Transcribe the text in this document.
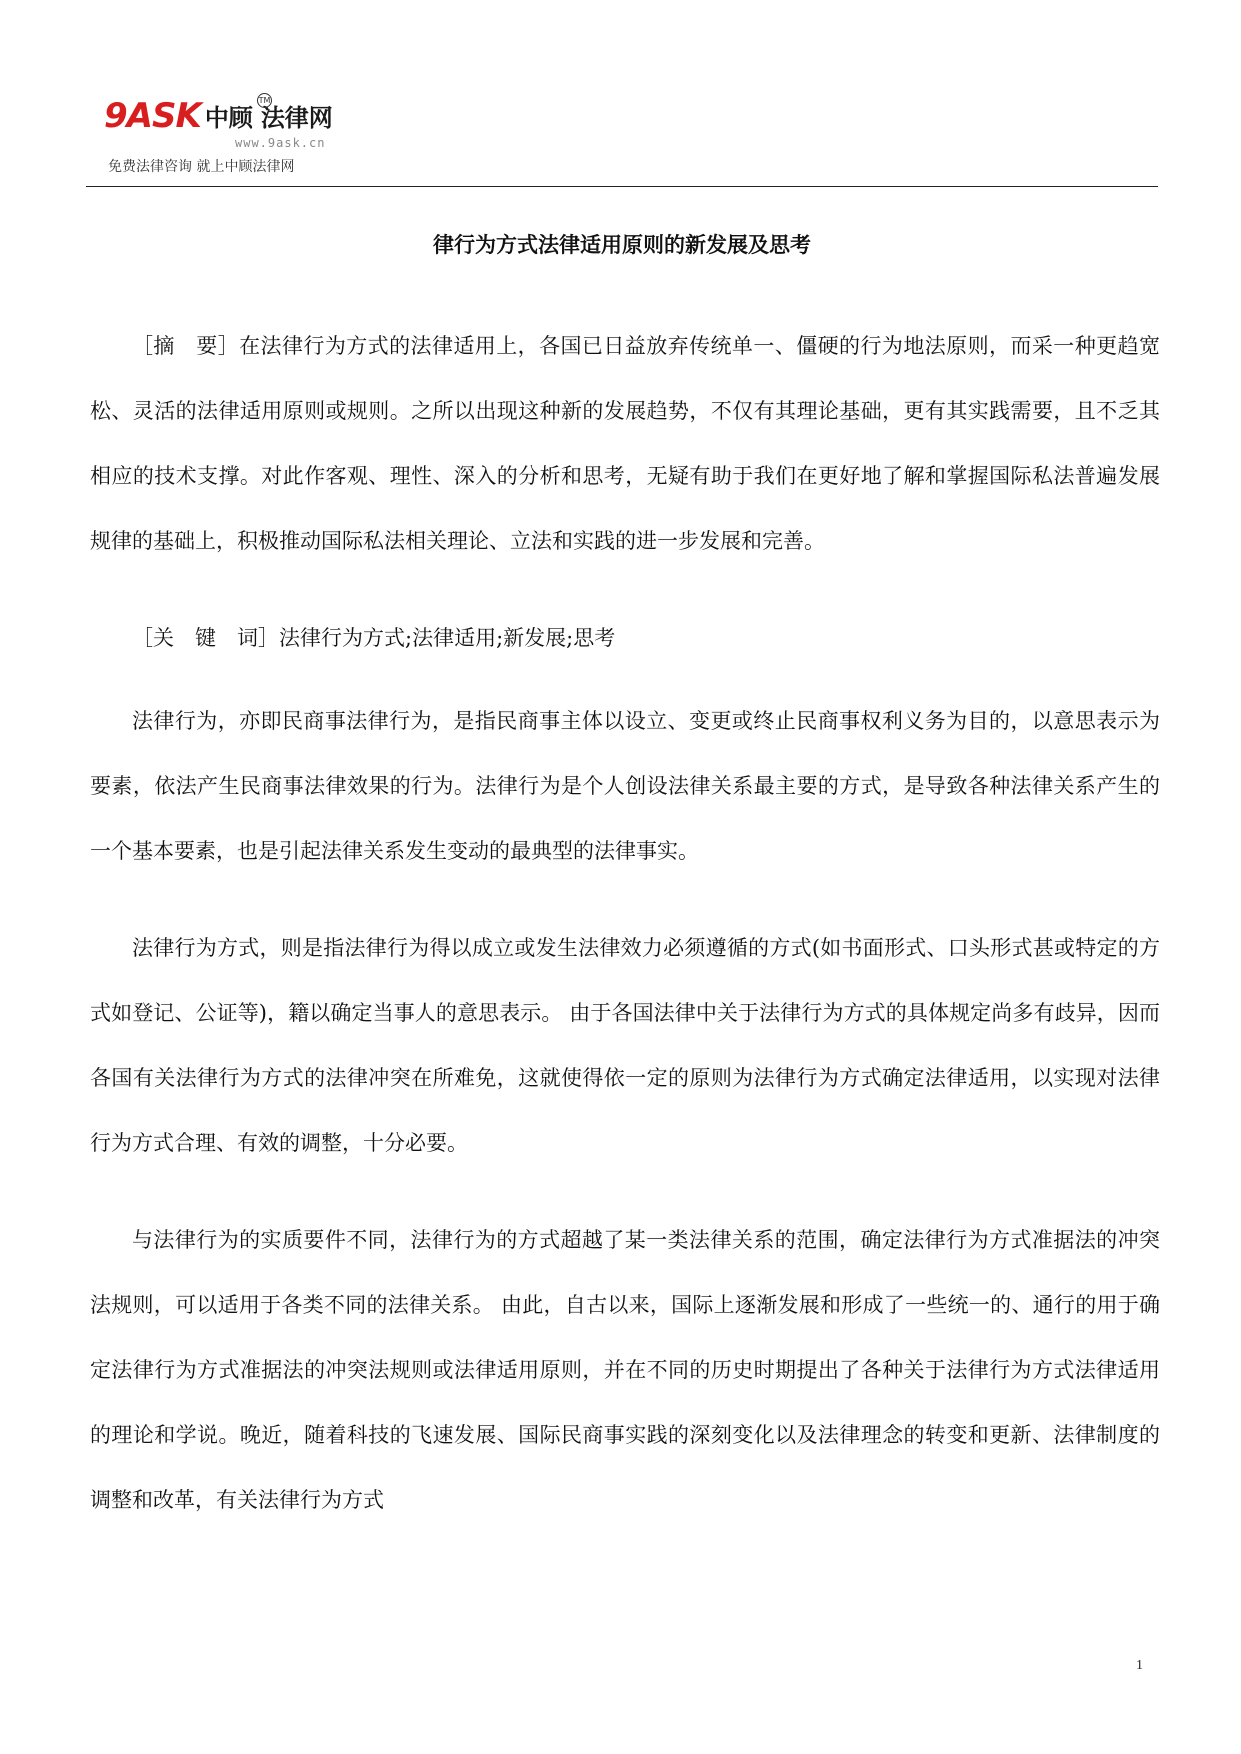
9ASK 中顾 法律网
TM
www.9ask.cn
免费法律咨询 就上中顾法律网
律行为方式法律适用原则的新发展及思考

［摘　要］在法律行为方式的法律适用上，各国已日益放弃传统单一、僵硬的行为地法原则，而采一种更趋宽松、灵活的法律适用原则或规则。之所以出现这种新的发展趋势，不仅有其理论基础，更有其实践需要，且不乏其相应的技术支撑。对此作客观、理性、深入的分析和思考，无疑有助于我们在更好地了解和掌握国际私法普遍发展规律的基础上，积极推动国际私法相关理论、立法和实践的进一步发展和完善。

［关　键　词］法律行为方式;法律适用;新发展;思考

法律行为，亦即民商事法律行为，是指民商事主体以设立、变更或终止民商事权利义务为目的，以意思表示为要素，依法产生民商事法律效果的行为。法律行为是个人创设法律关系最主要的方式，是导致各种法律关系产生的一个基本要素，也是引起法律关系发生变动的最典型的法律事实。

法律行为方式，则是指法律行为得以成立或发生法律效力必须遵循的方式(如书面形式、口头形式甚或特定的方式如登记、公证等)，籍以确定当事人的意思表示。 由于各国法律中关于法律行为方式的具体规定尚多有歧异，因而各国有关法律行为方式的法律冲突在所难免，这就使得依一定的原则为法律行为方式确定法律适用，以实现对法律行为方式合理、有效的调整，十分必要。

与法律行为的实质要件不同，法律行为的方式超越了某一类法律关系的范围，确定法律行为方式准据法的冲突法规则，可以适用于各类不同的法律关系。 由此，自古以来，国际上逐渐发展和形成了一些统一的、通行的用于确定法律行为方式准据法的冲突法规则或法律适用原则，并在不同的历史时期提出了各种关于法律行为方式法律适用的理论和学说。晚近，随着科技的飞速发展、国际民商事实践的深刻变化以及法律理念的转变和更新、法律制度的调整和改革，有关法律行为方式

1
